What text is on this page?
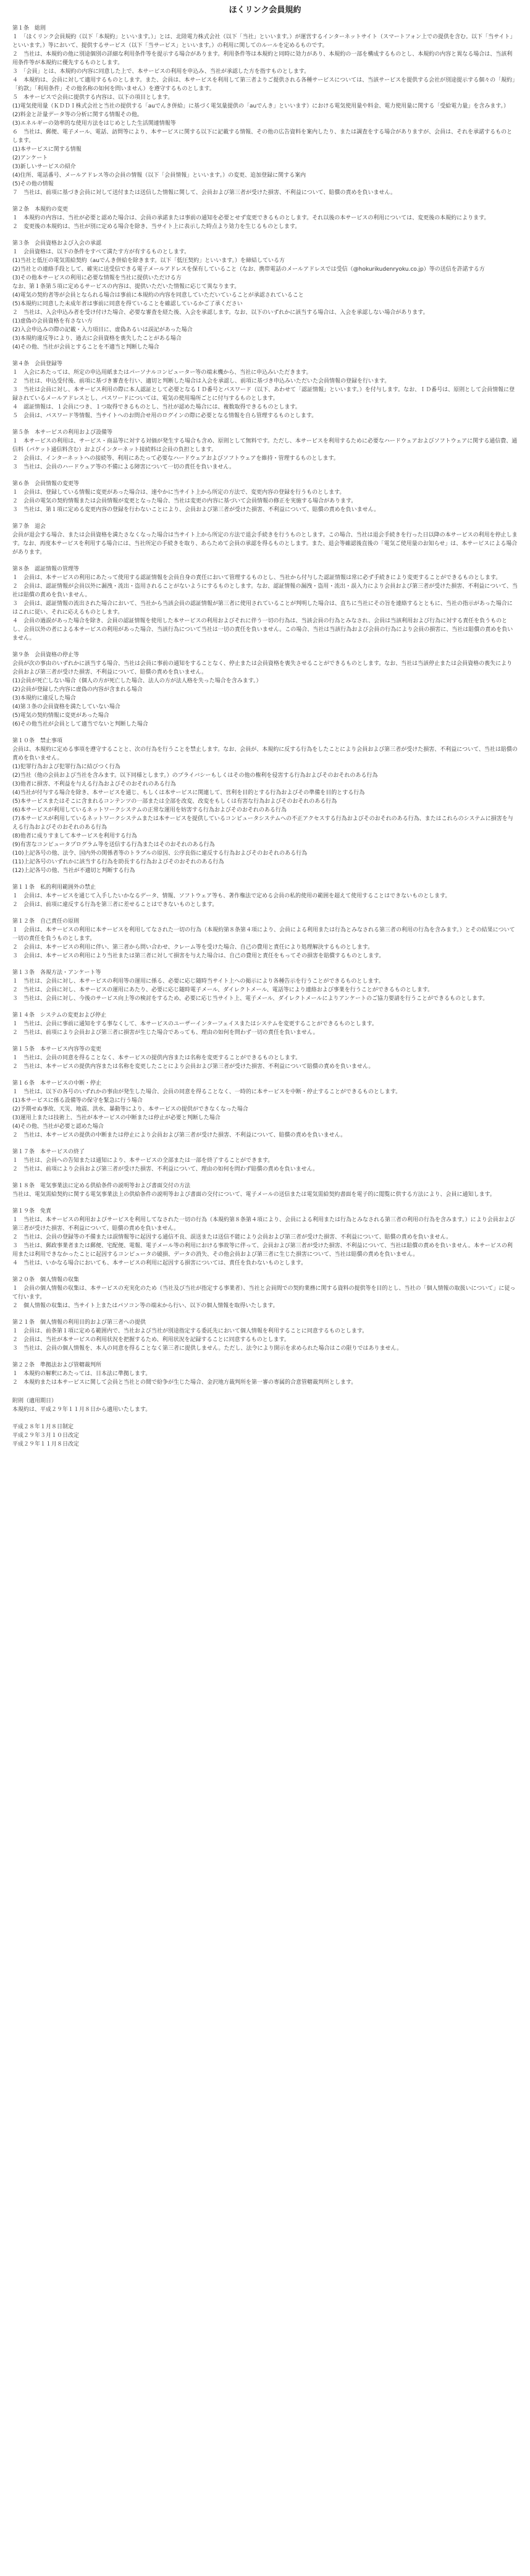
ほくリンク会員規約

第１条　総則

１　「ほくリンク会員規約（以下「本規約」といいます。）」とは、北陸電力株式会社（以下「当社」といいます。）が運営するインターネットサイト（スマートフォン上での提供を含む。以下「当サイト」といいます。）等において、提供するサービス（以下「当サービス」といいます。）の利用に関してのルールを定めるものです。

２　当社は、本規約の他に別途個別の詳細な利用条件等を提示する場合があります。利用条件等は本規約と同時に効力があり、本規約の一部を構成するものとし、本規約の内容と異なる場合は、当該利用条件等が本規約に優先するものとします。

３　「会員」とは、本規約の内容に同意した上で、本サービスの利用を申込み、当社が承認した方を指すものとします。

４　本規約は、会員に対して適用するものとします。また、会員は、本サービスを利用して第三者よりご提供される各種サービスについては、当該サービスを提供する会社が別途提示する個々の「規約」「約款」「利用条件」その他名称の如何を問いません）を遵守するものとします。

５　本サービスで会員に提供する内容は、以下の項目とします。

(1)電気使用量（ＫＤＤＩ株式会社と当社の提供する「auでんき併給」に基づく電気量提供の「auでんき」といいます）における電気使用量や料金、電力使用量に関する「受給電力量」を含みます。）

(2)料金と計量データ等の分析に関する情報その他。

(3)エネルギーの効率的な使用方法をはじめとした生活関連情報等

６　当社は、郵便、電子メール、電話、訪問等により、本サービスに関する以下に記載する情報、その他の広告資料を案内したり、または調査をする場合がありますが、会員は、それを承諾するものとします。

(1)本サービスに関する情報

(2)アンケート

(3)新しいサービスの紹介

(4)住所、電話番号、メールアドレス等の会員の情報（以下「会員情報」といいます。）の変更、追加登録に関する案内

(5)その他の情報

７　当社は、前項に基づき会員に対して送付または送信した情報に関して、会員および第三者が受けた損害、不利益について、賠償の責めを負いません。

第２条　本規約の変更

１　本規約の内容は、当社が必要と認めた場合は、会員の承諾または事前の通知を必要とせず変更できるものとします。それ以後の本サービスの利用については、変更後の本規約によります。

２　変更後の本規約は、当社が別に定める場合を除き、当サイト上に表示した時点より効力を生じるものとします。

第３条　会員資格および入会の承認

１　会員資格は、以下の条件をすべて満たす方が有するものとします。

(1)当社と低圧の電気需給契約（auでんき併給を除きます。以下「低圧契約」といいます。）を締結している方

(2)当社との連絡手段として、確実に送受信できる電子メールアドレスを保有していること（なお、携帯電話のメールアドレスでは受信（@hokurikudenryoku.co.jp）等の送信を許諾する方

(3)その他本サービスの利用に必要な情報を当社に提供いただける方

なお、第１条第５項に定めるサービスの内容は、提供いただいた情報に応じて異なります。

(4)電気の契約者等が会員となられる場合は事前に本規約の内容を同意していただいていることが承認されていること

(5)本規約に同意した未成年者は事前に同意を得ていることを確認しているかご了承ください

２　当社は、入会申込み者を受け付けた場合、必要な審査を経た後、入会を承認します。なお、以下のいずれかに該当する場合は、入会を承認しない場合があります。

(1)虚偽の会員資格を有さない方

(2)入会申込みの際の記載・入力項目に、虚偽あるいは誤記があった場合

(3)本規約違反等により、過去に会員資格を喪失したことがある場合

(4)その他、当社が会員とすることを不適当と判断した場合

第４条　会員登録等

１　入会にあたっては、所定の申込用紙またはパーソナルコンピューター等の端末機から、当社に申込みいただきます。

２　当社は、申込受付後、前項に基づき審査を行い、適切と判断した場合は入会を承認し、前項に基づき申込みいただいた会員情報の登録を行います。

３　当社は会員に対し、本サービス利用の際に本人認証として必要となるＩＤ番号とパスワード（以下、あわせて「認証情報」といいます。）を付与します。なお、ＩＤ番号は、原則として会員情報に登録されているメールアドレスとし、パスワードについては、電気の使用場所ごとに付与するものとします。

４　認証情報は、１会員につき、１つ取得できるものとし、当社が認めた場合には、複数取得できるものとします。

５　会員は、パスワード等情報、当サイトへのお問合せ用のログインの際に必要となる情報を自ら管理するものとします。

第５条　本サービスの利用および設備等

１　本サービスの利用は、サービス・商品等に対する対価が発生する場合も含め、原則として無料です。ただし、本サービスを利用するために必要なハードウェアおよびソフトウェアに関する通信費、通信料（パケット通信料含む）およびインターネット接続料は会員の負担とします。

２　会員は、インターネットへの接続等、利用にあたって必要なハードウェアおよびソフトウェアを維持・管理するものとします。

３　当社は、会員のハードウェア等の不備による障害について一切の責任を負いません。

第６条　会員情報の変更等

１　会員は、登録している情報に変更があった場合は、速やかに当サイト上から所定の方法で、変更内容の登録を行うものとします。

２　会員の電気の契約情報または会員情報が変更となった場合、当社は変更の内容に基づいて会員情報の修正を実施する場合があります。

３　当社は、第１項に定める変更内容の登録を行わないことにより、会員および第三者が受けた損害、不利益について、賠償の責めを負いません。

第７条　退会

会員が退会する場合、または会員資格を満たさなくなった場合は当サイト上から所定の方法で退会手続きを行うものとします。この場合、当社は退会手続きを行った日以降の本サービスの利用を停止します。なお、再度本サービスを利用する場合には、当社所定の手続きを取り、あらためて会員の承認を得るものとします。また、退会等確認後直後の「電気ご使用量のお知らせ」は、本サービスによる場合があります。

第８条　認証情報の管理等

１　会員は、本サービスの利用にあたって使用する認証情報を会員自身の責任において管理するものとし、当社から付与した認証情報は常に必ず手続きにより変更することができるものとします。

２　会員は、認証情報が会員以外に漏洩・流出・盗用されることがないようにするものとします。なお、認証情報の漏洩・盗用・流出・誤入力により会員および第三者が受けた損害、不利益について、当社は賠償の責めを負いません。

３　会員は、認証情報の流出された場合において、当社から当該会員の認証情報が第三者に使用されていることが判明した場合は、直ちに当社にその旨を連絡するとともに、当社の指示があった場合にはこれに従い、それに応えるものとします。

４　会員の過誤があった場合を除き、会員の認証情報を使用した本サービスの利用およびそれに伴う一切の行為は、当該会員の行為とみなされ、会員は当該利用および行為に対する責任を負うものとし、会員以外の者による本サービスの利用があった場合、当該行為について当社は一切の責任を負いません。この場合、当社は当該行為および会員の行為により会員の損害に、当社は賠償の責めを負いません。

第９条　会員資格の停止等

会員が次の事由のいずれかに該当する場合、当社は会員に事前の通知をすることなく、停止または会員資格を喪失させることができるものとします。なお、当社は当該停止または会員資格の喪失により会員および第三者が受けた損害、不利益について、賠償の責めを負いません。

(1)会員が死亡しない場合（個人の方が死亡した場合、法人の方が法人格を失った場合を含みます。）

(2)会員が登録した内容に虚偽の内容が含まれる場合

(3)本規約に違反した場合

(4)第３条の会員資格を満たしていない場合

(5)電気の契約情報に変更があった場合

(6)その他当社が会員として適当でないと判断した場合

第１０条　禁止事項

会員は、本規約に定める事項を遵守することと、次の行為を行うことを禁止します。なお、会員が、本規約に反する行為をしたことにより会員および第三者が受けた損害、不利益について、当社は賠償の責めを負いません。

(1)犯罪行為および犯罪行為に結びつく行為

(2)当社（他の会員および当社を含みます。以下同様とします。）のプライバシーもしくはその他の権利を侵害する行為およびそのおそれのある行為

(3)他者に損害、不利益を与える行為およびそのおそれのある行為

(4)当社が付与する場合を除き、本サービスを通じ、もしくは本サービスに関連して、営利を目的とする行為およびその準備を目的とする行為

(5)本サービスまたはそこに含まれるコンテンツの一部または全部を改変、改変をもしくは有害な行為およびそのおそれのある行為

(6)本サービスが利用しているネットワークシステムの正常な運用を妨害する行為およびそのおそれのある行為

(7)本サービスが利用しているネットワークシステムまたは本サービスを提供しているコンピュータシステムへの不正アクセスする行為およびそのおそれのある行為、またはこれらのシステムに損害を与える行為およびそのおそれのある行為

(8)他者に成りすまして本サービスを利用する行為

(9)有害なコンピュータプログラム等を送信する行為またはそのおそれのある行為

(10)上記各号の他、法令、国内外の関係者等のトラブルの原因、公序良俗に違反する行為およびそのおそれのある行為

(11)上記各号のいずれかに該当する行為を助長する行為およびそのおそれのある行為

(12)上記各号の他、当社が不適切と判断する行為

第１１条　私的利用範囲外の禁止

１　会員は、本サービスを通じて入手したいかなるデータ、情報、ソフトウェア等も、著作権法で定める会員の私的使用の範囲を超えて使用することはできないものとします。

２　会員は、前項に違反する行為を第三者に差せることはできないものとします。

第１２条　自己責任の原則

１　会員は、本サービスの利用に本サービスを利用してなされた一切の行為（本規約第８条第４項により、会員による利用または行為とみなされる第三者の利用の行為を含みます。）とその結果について一切の責任を負うものとします。

２　会員は、本サービスの利用に伴い、第三者から問い合わせ、クレーム等を受けた場合、自己の費用と責任により処理解決するものとします。

３　会員は、本サービスの利用により当社または第三者に対して損害を与えた場合は、自己の費用と責任をもってその損害を賠償するものとします。

第１３条　各規方法・アンケート等

１　当社は、会員に対し、本サービスの利用等の運用に係る、必要に応じ随時当サイト上への掲示により各種告示を行うことができるものとします。

２　当社は、会員に対し、本サービスの運用にあたり、必要に応じ随時電子メール、ダイレクトメール、電話等により連絡および事業を行うことができるものとします。

３　当社は、会員に対し、今後のサービス向上等の検討をするため、必要に応じ当サイト上、電子メール、ダイレクトメールによりアンケートのご協力要請を行うことができるものとします。

第１４条　システムの変更および停止

１　当社は、会員に事前に通知をする事なくして、本サービスのユーザーインターフェイスまたはシステムを変更することができるものとします。

２　当社は、前項により会員および第三者に損害が生じた場合であっても、理由の如何を問わず一切の責任を負いません。

第１５条　本サービス内容等の変更

１　当社は、会員の同意を得ることなく、本サービスの提供内容または名称を変更することができるものとします。

２　当社は、本サービスの提供内容または名称を変更したことにより会員および第三者が受けた損害、不利益について賠償の責めを負いません。

第１６条　本サービスの中断・停止

１　当社は、以下の各号のいずれかの事由が発生した場合、会員の同意を得ることなく、一時的に本サービスを中断・停止することができるものとします。

(1)本サービスに係る設備等の保守を緊急に行う場合

(2)予期せぬ事故、天災、地震、洪水、暴動等により、本サービスの提供ができなくなった場合

(3)運用上または技術上、当社が本サービスの中断または停止が必要と判断した場合

(4)その他、当社が必要と認めた場合

２　当社は、本サービスの提供の中断または停止により会員および第三者が受けた損害、不利益について、賠償の責めを負いません。

第１７条　本サービスの終了

１　当社は、会員への告知または通知により、本サービスの全部または一部を終了することができます。

２　当社は、前項により会員および第三者が受けた損害、不利益について、理由の如何を問わず賠償の責めを負いません。

第１８条　電気事業法に定める供給条件の説明等および書面交付の方法

当社は、電気需給契約に関する電気事業法上の供給条件の説明等および書面の交付について、電子メールの送信または電気需給契約書面を電子的に閲覧に供する方法により、会員に通知します。

第１９条　免責

１　当社は、本サービスの利用およびサービスを利用してなされた一切の行為（本規約第８条第４項により、会員による利用または行為とみなされる第三者の利用の行為を含みます。）により会員および第三者が受けた損害、不利益について、賠償の責めを負いません。

２　当社は、会員の登録等の不備または誤情報等に起因する通信不良、誤送または送信不能により会員および第三者が受けた損害、不利益について、賠償の責めを負いません。

３　当社は、郵政事業者または郵便、宅配便、電報、電子メール等の利用における事故等に伴って、会員および第三者が受けた損害、不利益について、当社は賠償の責めを負いません。本サービスの利用または利用できなかったことに起因するコンピュータの破損、データの消失、その他会員および第三者に生じた損害について、当社は賠償の責めを負いません。

４　当社は、いかなる場合においても、本サービスの利用に起因する損害については、責任を負わないものとします。

第２０条　個人情報の収集

１　会員の個人情報の収集は、本サービスの充実化のため（当社及び当社が指定する事業者）、当社と会員間での契約業務に関する資料の提供等を目的とし、当社の「個人情報の取扱いについて」に従って行います。

２　個人情報の収集は、当サイト上またはパソコン等の端末から行い、以下の個人情報を取得いたします。

第２１条　個人情報の利用目的および第三者への提供

１　会員は、前条第１項に定める範囲内で、当社および当社が別途指定する委託先において個人情報を利用することに同意するものとします。

２　会員は、当社が本サービスの利用状況を把握するため、利用状況を記録することに同意するものとします。

３　当社は、会員の個人情報を、本人の同意を得ることなく第三者に提供しません。ただし、法令により開示を求められた場合はこの限りではありません。

第２２条　準拠法および管轄裁判所

１　本規約の解釈にあたっては、日本法に準拠します。

２　本規約または本サービスに関して会員と当社との間で紛争が生じた場合、金沢地方裁判所を第一審の専属的合意管轄裁判所とします。

附則（適用期日）

本規約は、平成２９年１１月８日から適用いたします。

平成２８年１月８日制定

平成２９年３月１０日改定

平成２９年１１月８日改定
